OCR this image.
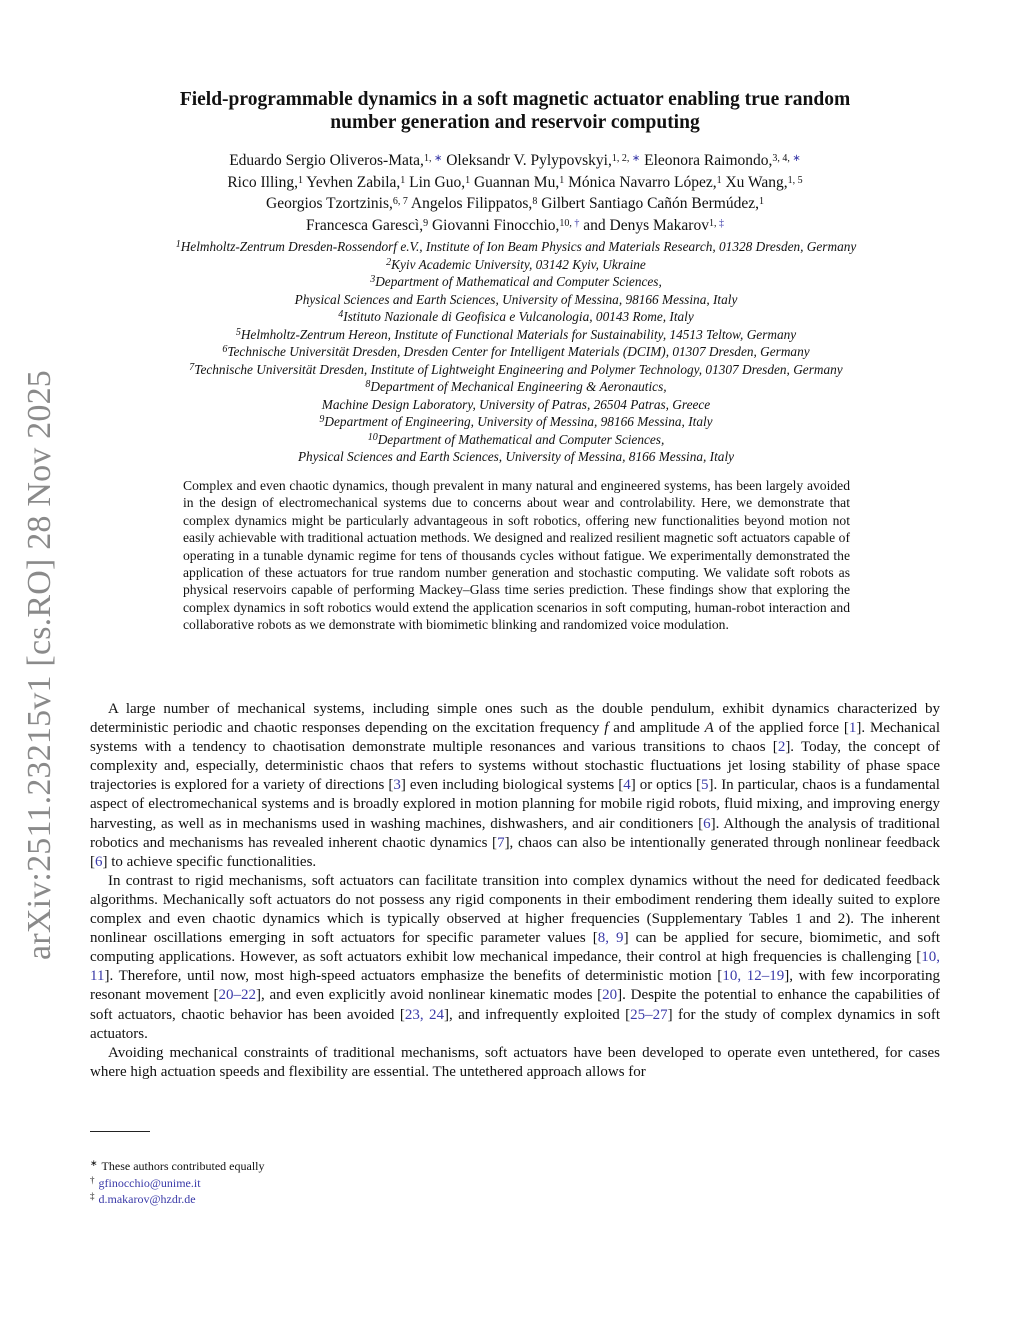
arXiv:2511.23215v1 [cs.RO] 28 Nov 2025
Field-programmable dynamics in a soft magnetic actuator enabling true random
number generation and reservoir computing
Eduardo Sergio Oliveros-Mata,$^{1, ∗}$ Oleksandr V. Pylypovskyi,$^{1, 2, ∗}$ Eleonora Raimondo,$^{3, 4, ∗}$
Rico Illing,$^1$ Yevhen Zabila,$^1$ Lin Guo,$^1$ Guannan Mu,$^1$ Mónica Navarro López,$^1$ Xu Wang,$^{1, 5}$
Georgios Tzortzinis,$^{6, 7}$ Angelos Filippatos,$^8$ Gilbert Santiago Cañón Bermúdez,$^1$
Francesca Garescì,$^9$ Giovanni Finocchio,$^{10, \dagger}$ and Denys Makarov$^{1, \ddagger}$
$^1$Helmholtz-Zentrum Dresden-Rossendorf e.V., Institute of Ion Beam Physics and Materials Research, 01328 Dresden, Germany
$^2$Kyiv Academic University, 03142 Kyiv, Ukraine
$^3$Department of Mathematical and Computer Sciences,
Physical Sciences and Earth Sciences, University of Messina, 98166 Messina, Italy
$^4$Istituto Nazionale di Geofisica e Vulcanologia, 00143 Rome, Italy
$^5$Helmholtz-Zentrum Hereon, Institute of Functional Materials for Sustainability, 14513 Teltow, Germany
$^6$Technische Universität Dresden, Dresden Center for Intelligent Materials (DCIM), 01307 Dresden, Germany
$^7$Technische Universität Dresden, Institute of Lightweight Engineering and Polymer Technology, 01307 Dresden, Germany
$^8$Department of Mechanical Engineering & Aeronautics,
Machine Design Laboratory, University of Patras, 26504 Patras, Greece
$^9$Department of Engineering, University of Messina, 98166 Messina, Italy
$^{10}$Department of Mathematical and Computer Sciences,
Physical Sciences and Earth Sciences, University of Messina, 8166 Messina, Italy

Complex and even chaotic dynamics, though prevalent in many natural and engineered systems, has been largely avoided in the design of electromechanical systems due to concerns about wear and controlability. Here, we demonstrate that complex dynamics might be particularly advantageous in soft robotics, offering new functionalities beyond motion not easily achievable with traditional actuation methods. We designed and realized resilient magnetic soft actuators capable of operating in a tunable dynamic regime for tens of thousands cycles without fatigue. We experimentally demonstrated the application of these actuators for true random number generation and stochastic computing. We validate soft robots as physical reservoirs capable of performing Mackey–Glass time series prediction. These findings show that exploring the complex dynamics in soft robotics would extend the application scenarios in soft computing, human-robot interaction and collaborative robots as we demonstrate with biomimetic blinking and randomized voice modulation.

A large number of mechanical systems, including simple ones such as the double pendulum, exhibit dynamics characterized by deterministic periodic and chaotic responses depending on the excitation frequency f and amplitude A of the applied force [1]. Mechanical systems with a tendency to chaotisation demonstrate multiple resonances and various transitions to chaos [2]. Today, the concept of complexity and, especially, deterministic chaos that refers to systems without stochastic fluctuations jet losing stability of phase space trajectories is explored for a variety of directions [3] even including biological systems [4] or optics [5]. In particular, chaos is a fundamental aspect of electromechanical systems and is broadly explored in motion planning for mobile rigid robots, fluid mixing, and improving energy harvesting, as well as in mechanisms used in washing machines, dishwashers, and air conditioners [6]. Although the analysis of traditional robotics and mechanisms has revealed inherent chaotic dynamics [7], chaos can also be intentionally generated through nonlinear feedback [6] to achieve specific functionalities.

In contrast to rigid mechanisms, soft actuators can facilitate transition into complex dynamics without the need for dedicated feedback algorithms. Mechanically soft actuators do not possess any rigid components in their embodiment rendering them ideally suited to explore complex and even chaotic dynamics which is typically observed at higher frequencies (Supplementary Tables 1 and 2). The inherent nonlinear oscillations emerging in soft actuators for specific parameter values [8, 9] can be applied for secure, biomimetic, and soft computing applications. However, as soft actuators exhibit low mechanical impedance, their control at high frequencies is challenging [10, 11]. Therefore, until now, most high-speed actuators emphasize the benefits of deterministic motion [10, 12–19], with few incorporating resonant movement [20–22], and even explicitly avoid nonlinear kinematic modes [20]. Despite the potential to enhance the capabilities of soft actuators, chaotic behavior has been avoided [23, 24], and infrequently exploited [25–27] for the study of complex dynamics in soft actuators.

Avoiding mechanical constraints of traditional mechanisms, soft actuators have been developed to operate even untethered, for cases where high actuation speeds and flexibility are essential. The untethered approach allows for

∗ These authors contributed equally
† gfinocchio@unime.it
‡ d.makarov@hzdr.de
